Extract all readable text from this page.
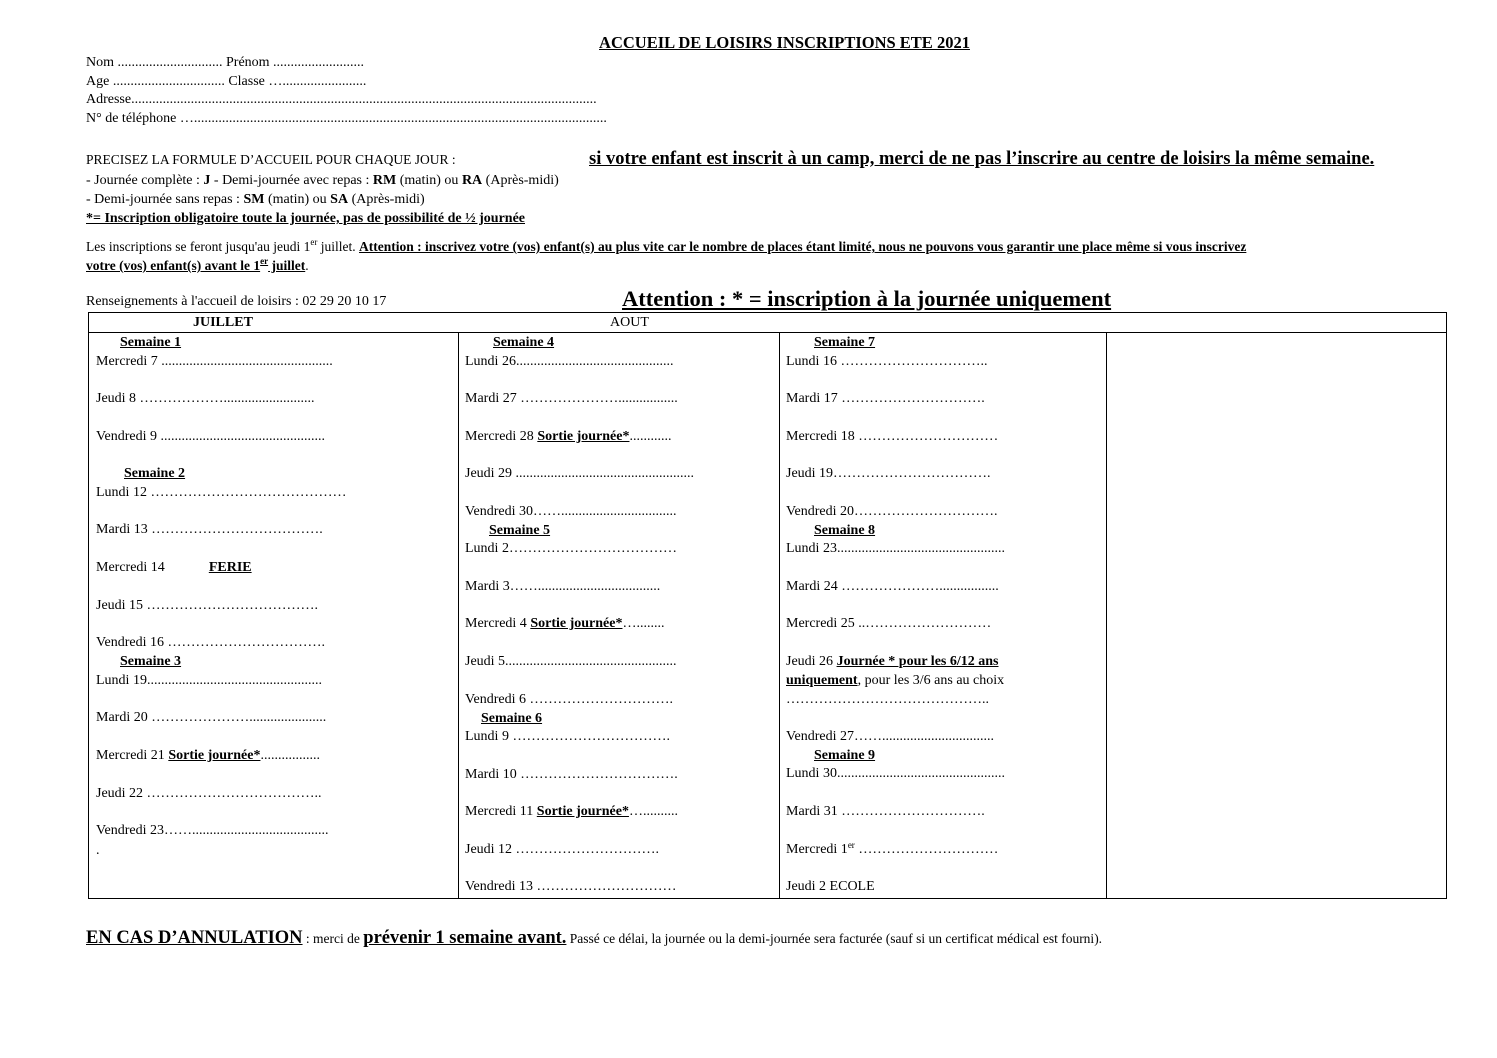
ACCUEIL DE LOISIRS INSCRIPTIONS ETE 2021
Nom .............................. Prénom ..........................
Age ................................ Classe …........................
Adresse.....................................................................................................................................
N° de téléphone …......................................................................................................................
PRECISEZ LA FORMULE D’ACCUEIL POUR CHAQUE JOUR :	si votre enfant est inscrit à un camp, merci de ne pas l’inscrire au centre de loisirs la même semaine.
- Journée complète : J - Demi-journée avec repas : RM (matin) ou RA (Après-midi)
- Demi-journée sans repas : SM (matin) ou SA (Après-midi)
*= Inscription obligatoire toute la journée, pas de possibilité de ½ journée
Les inscriptions se feront jusqu'au jeudi 1er juillet. Attention : inscrivez votre (vos) enfant(s) au plus vite car le nombre de places étant limité, nous ne pouvons vous garantir une place même si vous inscrivez
votre (vos) enfant(s) avant le 1er juillet.
Renseignements à l'accueil de loisirs : 02 29 20 10 17	Attention : * = inscription à la journée uniquement
JUILLET	AOUT
Semaine 1
Mercredi 7 .................................................
Jeudi 8 ………………..........................
Vendredi 9 ...............................................
Semaine 2
Lundi 12 ……………………………………
Mardi 13 ……………………………….
Mercredi 14	FERIE
Jeudi 15 ……………………………….
Vendredi 16 …………………………….
Semaine 3
Lundi 19..................................................
Mardi 20 …………………......................
Mercredi 21 Sortie journée*.................
Jeudi 22 ………………………………..
Vendredi 23…….......................................
.
Semaine 4
Lundi 26.............................................
Mardi 27 ………………….................
Mercredi 28 Sortie journée*............
Jeudi 29 ...................................................
Vendredi 30…….................................
Semaine 5
Lundi 2………………………………
Mardi 3……...................................
Mercredi 4 Sortie journée*…........
Jeudi 5.................................................
Vendredi 6 ………………………….
Semaine 6
Lundi 9 …………………………….
Mardi 10 …………………………….
Mercredi 11 Sortie journée*…..........
Jeudi 12 ………………………….
Vendredi 13 …………………………
Semaine 7
Lundi 16 …………………………..
Mardi 17 ………………………….
Mercredi 18 …………………………
Jeudi 19…………………………….
Vendredi 20………………………….
Semaine 8
Lundi 23................................................
Mardi 24 ………………….................
Mercredi 25 ..………………………
Jeudi 26 Journée * pour les 6/12 ans
uniquement, pour les 3/6 ans au choix
……………………………………..
Vendredi 27……................................
Semaine 9
Lundi 30................................................
Mardi 31 ………………………….
Mercredi 1er …………………………
Jeudi 2 ECOLE
EN CAS D’ANNULATION : merci de prévenir 1 semaine avant. Passé ce délai, la journée ou la demi-journée sera facturée (sauf si un certificat médical est fourni).
